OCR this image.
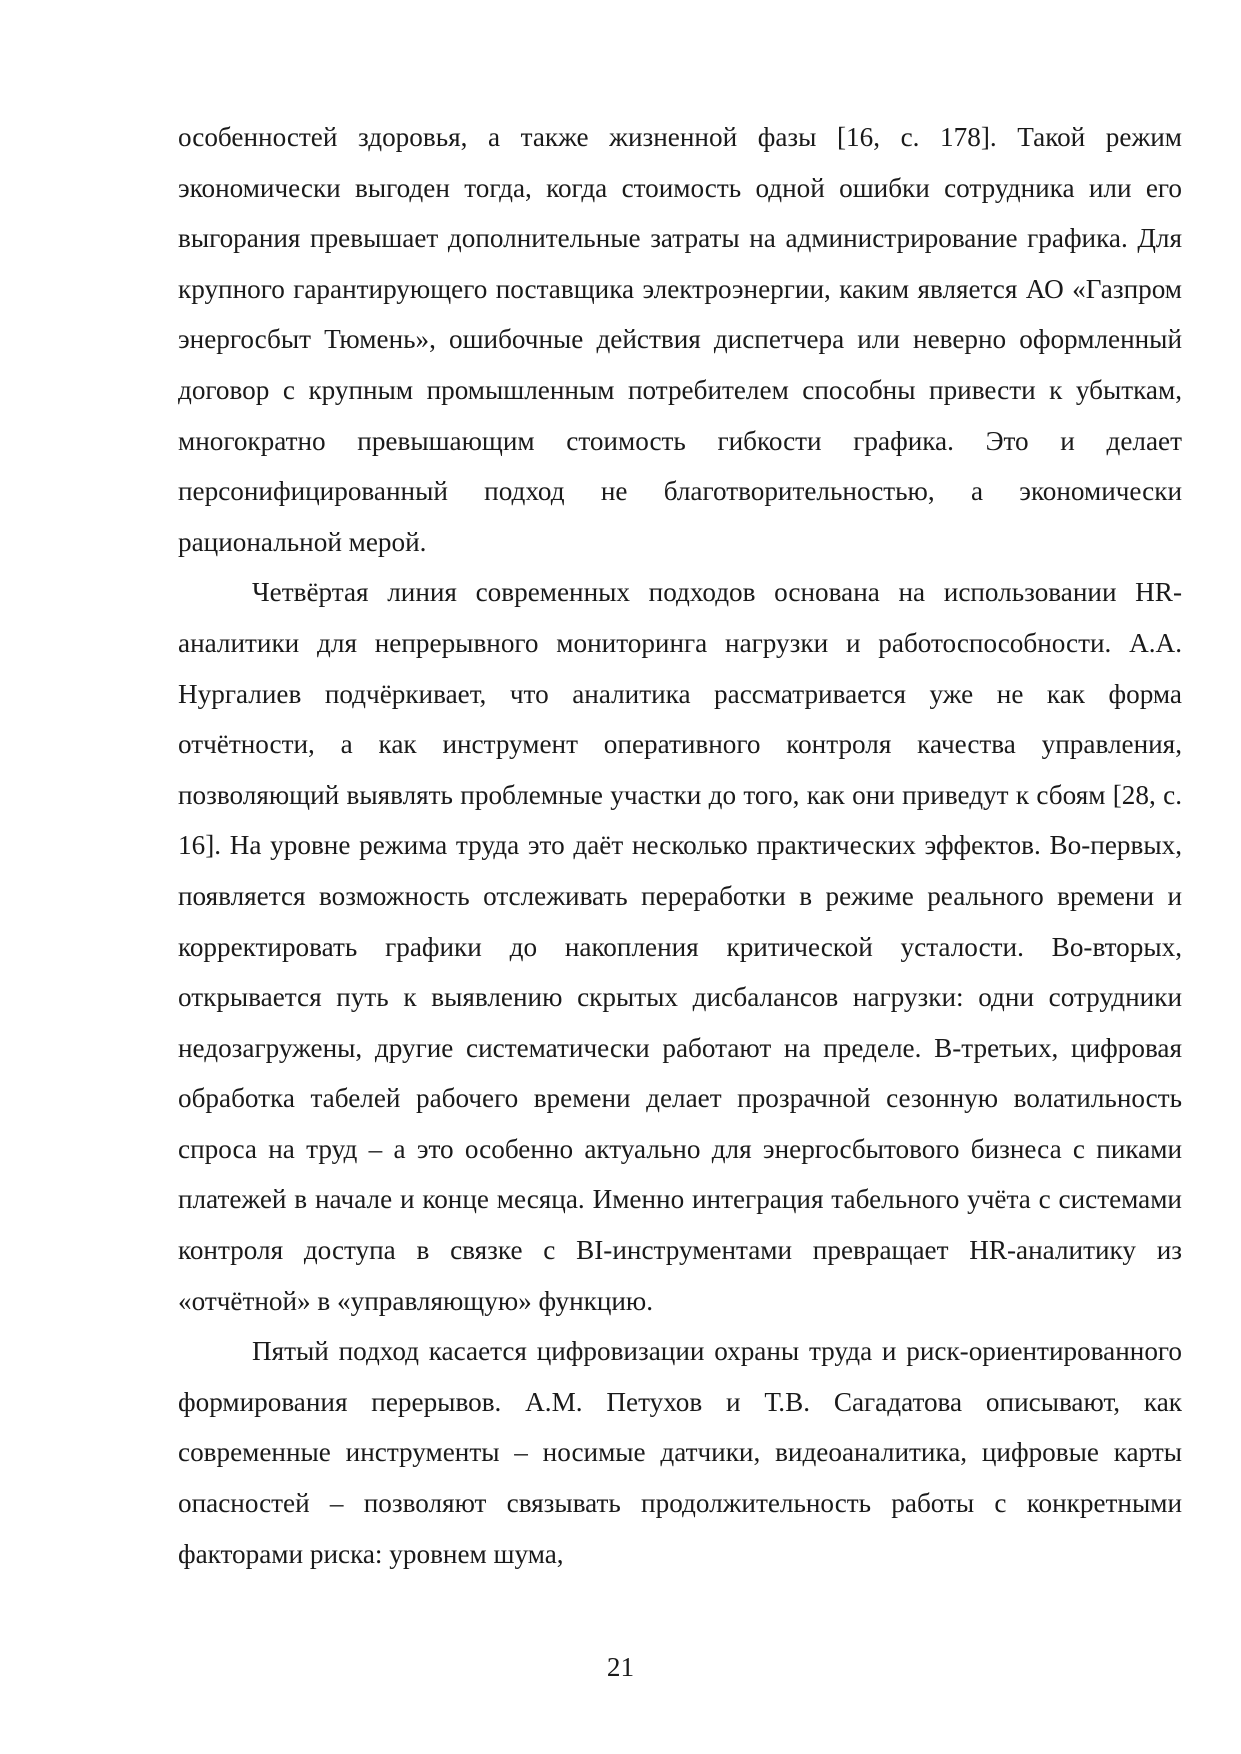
особенностей здоровья, а также жизненной фазы [16, с. 178]. Такой режим экономически выгоден тогда, когда стоимость одной ошибки сотрудника или его выгорания превышает дополнительные затраты на администрирование графика. Для крупного гарантирующего поставщика электроэнергии, каким является АО «Газпром энергосбыт Тюмень», ошибочные действия диспетчера или неверно оформленный договор с крупным промышленным потребителем способны привести к убыткам, многократно превышающим стоимость гибкости графика. Это и делает персонифицированный подход не благотворительностью, а экономически рациональной мерой.

Четвёртая линия современных подходов основана на использовании HR-аналитики для непрерывного мониторинга нагрузки и работоспособности. А.А. Нургалиев подчёркивает, что аналитика рассматривается уже не как форма отчётности, а как инструмент оперативного контроля качества управления, позволяющий выявлять проблемные участки до того, как они приведут к сбоям [28, с. 16]. На уровне режима труда это даёт несколько практических эффектов. Во-первых, появляется возможность отслеживать переработки в режиме реального времени и корректировать графики до накопления критической усталости. Во-вторых, открывается путь к выявлению скрытых дисбалансов нагрузки: одни сотрудники недозагружены, другие систематически работают на пределе. В-третьих, цифровая обработка табелей рабочего времени делает прозрачной сезонную волатильность спроса на труд – а это особенно актуально для энергосбытового бизнеса с пиками платежей в начале и конце месяца. Именно интеграция табельного учёта с системами контроля доступа в связке с BI-инструментами превращает HR-аналитику из «отчётной» в «управляющую» функцию.

Пятый подход касается цифровизации охраны труда и риск-ориентированного формирования перерывов. А.М. Петухов и Т.В. Сагадатова описывают, как современные инструменты – носимые датчики, видеоаналитика, цифровые карты опасностей – позволяют связывать продолжительность работы с конкретными факторами риска: уровнем шума,

21
